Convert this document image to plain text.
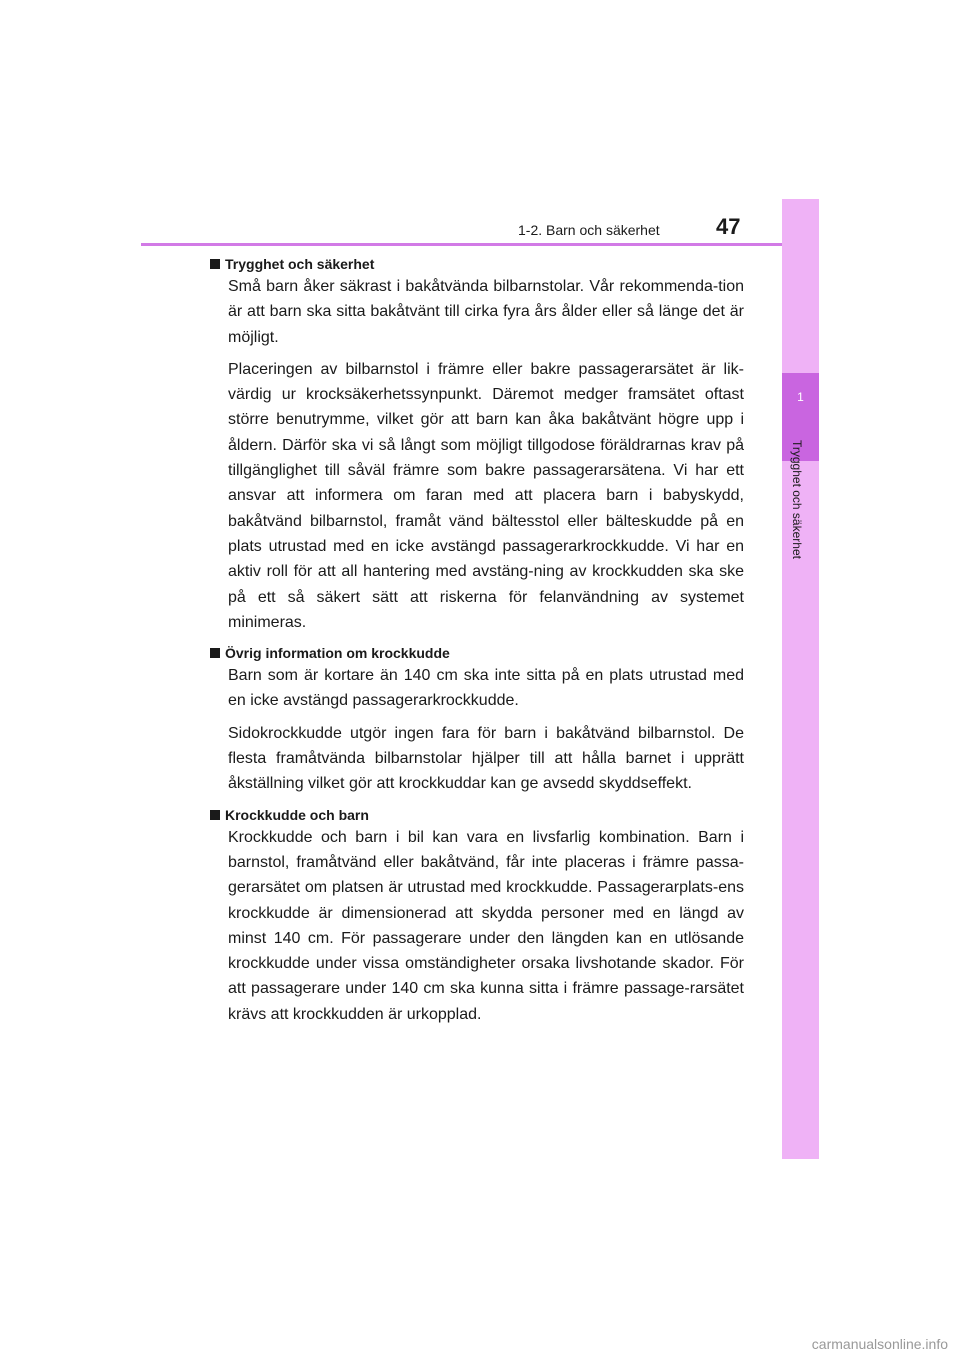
1-2. Barn och säkerhet	47
1
Trygghet och säkerhet
Trygghet och säkerhet

Små barn åker säkrast i bakåtvända bilbarnstolar. Vår rekommenda-tion är att barn ska sitta bakåtvänt till cirka fyra års ålder eller så länge det är möjligt.

Placeringen av bilbarnstol i främre eller bakre passagerarsätet är lik-värdig ur krocksäkerhetssynpunkt. Däremot medger framsätet oftast större benutrymme, vilket gör att barn kan åka bakåtvänt högre upp i åldern. Därför ska vi så långt som möjligt tillgodose föräldrarnas krav på tillgänglighet till såväl främre som bakre passagerarsätena. Vi har ett ansvar att informera om faran med att placera barn i babyskydd, bakåtvänd bilbarnstol, framåt vänd bältesstol eller bälteskudde på en plats utrustad med en icke avstängd passagerarkrockkudde. Vi har en aktiv roll för att all hantering med avstäng-ning av krockkudden ska ske på ett så säkert sätt att riskerna för felanvändning av systemet minimeras.

Övrig information om krockkudde

Barn som är kortare än 140 cm ska inte sitta på en plats utrustad med en icke avstängd passagerarkrockkudde.

Sidokrockkudde utgör ingen fara för barn i bakåtvänd bilbarnstol. De flesta framåtvända bilbarnstolar hjälper till att hålla barnet i upprätt åkställning vilket gör att krockkuddar kan ge avsedd skyddseffekt.

Krockkudde och barn

Krockkudde och barn i bil kan vara en livsfarlig kombination. Barn i barnstol, framåtvänd eller bakåtvänd, får inte placeras i främre passa-gerarsätet om platsen är utrustad med krockkudde. Passagerarplats-ens krockkudde är dimensionerad att skydda personer med en längd av minst 140 cm. För passagerare under den längden kan en utlösande krockkudde under vissa omständigheter orsaka livshotande skador. För att passagerare under 140 cm ska kunna sitta i främre passage-rarsätet krävs att krockkudden är urkopplad.

carmanualsonline.info
